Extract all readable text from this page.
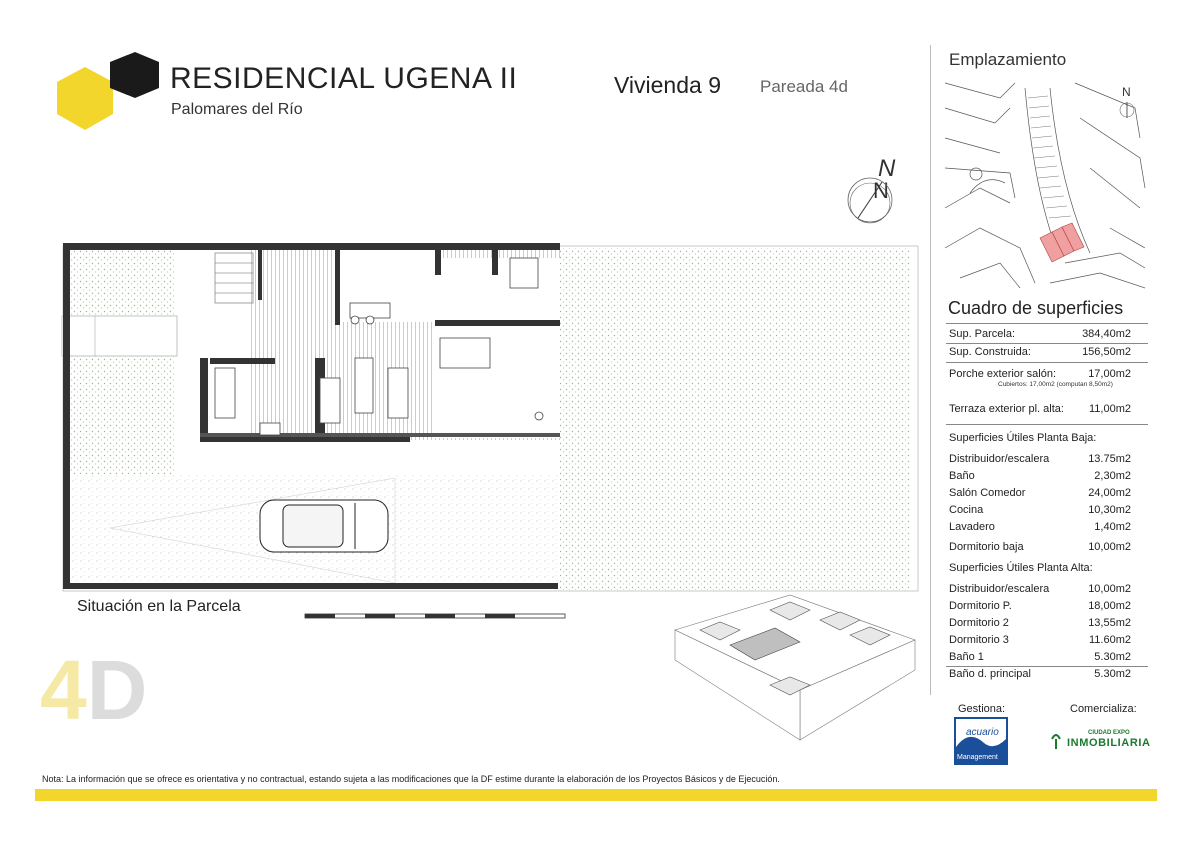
RESIDENCIAL UGENA II
Palomares del Río
Vivienda 9 Pareada 4d
Emplazamiento
N
Cuadro de superficies
Sup. Parcela:	384,40m2
Sup. Construida:	156,50m2
Porche exterior salón:	17,00m2
Cubiertos: 17,00m2 (computan 8,50m2)
Terraza exterior pl. alta: 11,00m2
Superficies Útiles Planta Baja:
Distribuidor/escalera	13.75m2
Baño	2,30m2
Salón Comedor	24,00m2
Cocina	10,30m2
Lavadero	1,40m2
Dormitorio baja	10,00m2
Superficies Útiles Planta Alta:
Distribuidor/escalera	10,00m2
Dormitorio P.	18,00m2
Dormitorio 2	13,55m2
Dormitorio 3	11.60m2
Baño 1	5.30m2
Baño d. principal	5.30m2
N
N
Situación en la Parcela
4D	Gestiona:	Comercializa:
acuario
Management
CIUDAD EXPO
INMOBILIARIA
Nota: La información que se ofrece es orientativa y no contractual, estando sujeta a las modificaciones que la DF estime durante la elaboración de los Proyectos Básicos y de Ejecución.
